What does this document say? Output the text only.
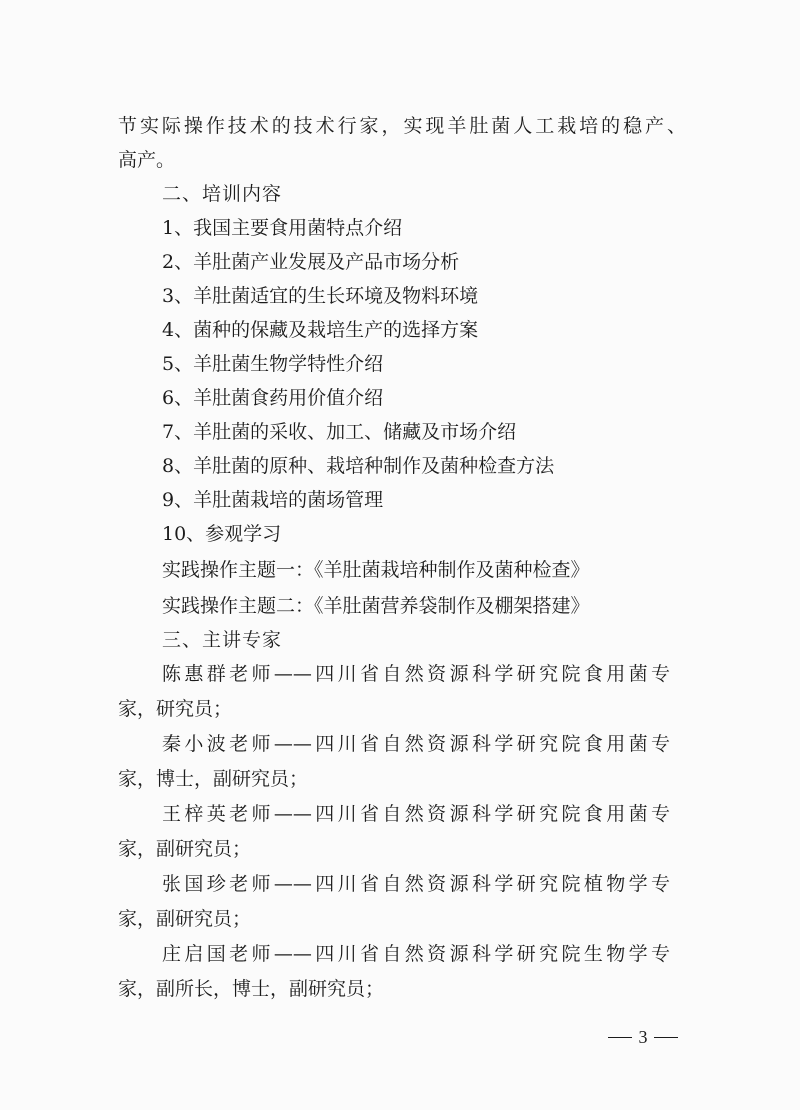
节实际操作技术的技术行家，实现羊肚菌人工栽培的稳产、
高产。
二、培训内容
1、我国主要食用菌特点介绍
2、羊肚菌产业发展及产品市场分析
3、羊肚菌适宜的生长环境及物料环境
4、菌种的保藏及栽培生产的选择方案
5、羊肚菌生物学特性介绍
6、羊肚菌食药用价值介绍
7、羊肚菌的采收、加工、储藏及市场介绍
8、羊肚菌的原种、栽培种制作及菌种检查方法
9、羊肚菌栽培的菌场管理
10、参观学习
实践操作主题一：《羊肚菌栽培种制作及菌种检查》
实践操作主题二：《羊肚菌营养袋制作及棚架搭建》
三、主讲专家
陈惠群老师——四川省自然资源科学研究院食用菌专
家，研究员；
秦小波老师——四川省自然资源科学研究院食用菌专
家，博士，副研究员；
王梓英老师——四川省自然资源科学研究院食用菌专
家，副研究员；
张国珍老师——四川省自然资源科学研究院植物学专
家，副研究员；
庄启国老师——四川省自然资源科学研究院生物学专
家，副所长，博士，副研究员；
3
